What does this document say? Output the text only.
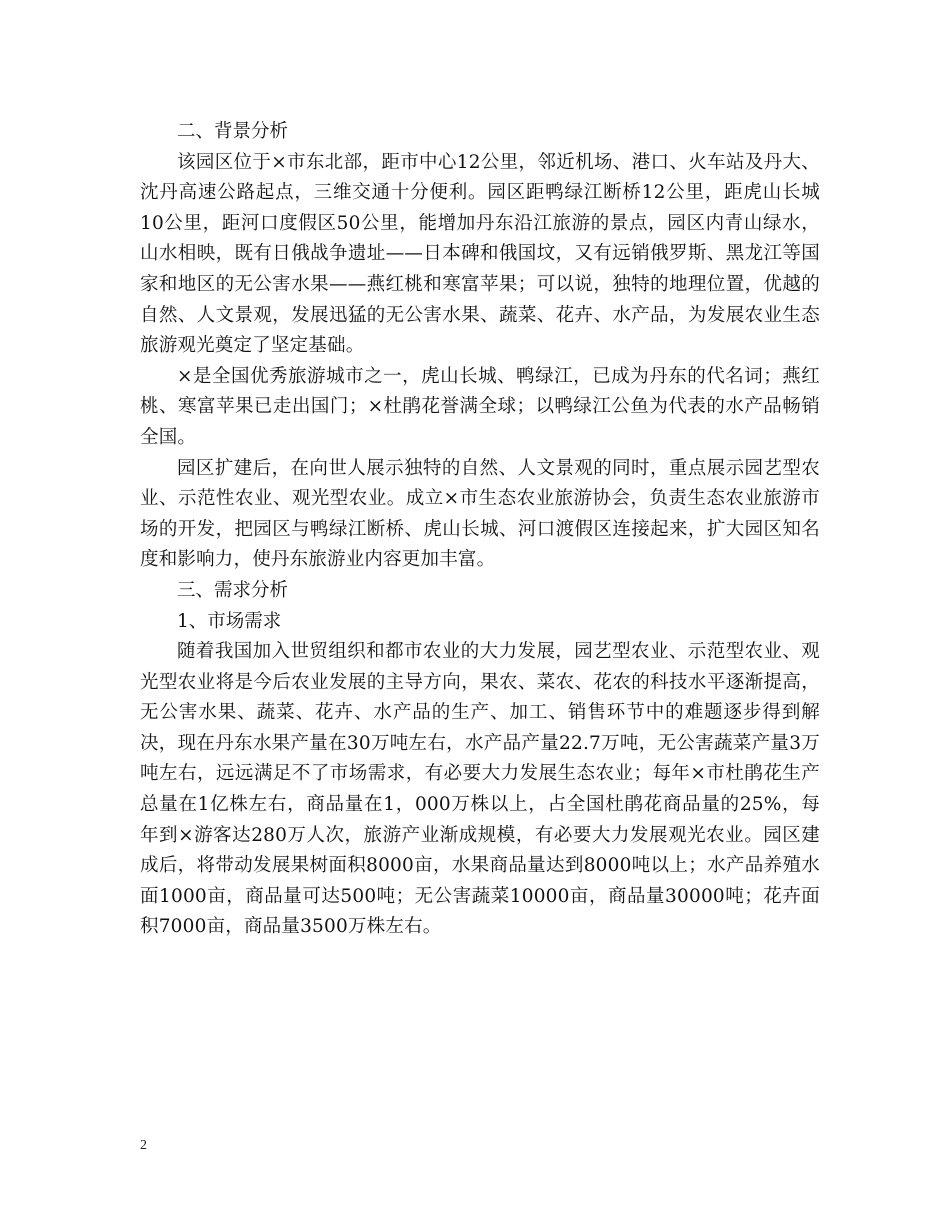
二、背景分析

该园区位于×市东北部，距市中心12公里，邻近机场、港口、火车站及丹大、沈丹高速公路起点，三维交通十分便利。园区距鸭绿江断桥12公里，距虎山长城10公里，距河口度假区50公里，能增加丹东沿江旅游的景点，园区内青山绿水，山水相映，既有日俄战争遗址——日本碑和俄国坟，又有远销俄罗斯、黑龙江等国家和地区的无公害水果——燕红桃和寒富苹果；可以说，独特的地理位置，优越的自然、人文景观，发展迅猛的无公害水果、蔬菜、花卉、水产品，为发展农业生态旅游观光奠定了坚定基础。

×是全国优秀旅游城市之一，虎山长城、鸭绿江，已成为丹东的代名词；燕红桃、寒富苹果已走出国门；×杜鹃花誉满全球；以鸭绿江公鱼为代表的水产品畅销全国。

园区扩建后，在向世人展示独特的自然、人文景观的同时，重点展示园艺型农业、示范性农业、观光型农业。成立×市生态农业旅游协会，负责生态农业旅游市场的开发，把园区与鸭绿江断桥、虎山长城、河口渡假区连接起来，扩大园区知名度和影响力，使丹东旅游业内容更加丰富。

三、需求分析

1、市场需求

随着我国加入世贸组织和都市农业的大力发展，园艺型农业、示范型农业、观光型农业将是今后农业发展的主导方向，果农、菜农、花农的科技水平逐渐提高，无公害水果、蔬菜、花卉、水产品的生产、加工、销售环节中的难题逐步得到解决，现在丹东水果产量在30万吨左右，水产品产量22.7万吨，无公害蔬菜产量3万吨左右，远远满足不了市场需求，有必要大力发展生态农业；每年×市杜鹃花生产总量在1亿株左右，商品量在1，000万株以上，占全国杜鹃花商品量的25%，每年到×游客达280万人次，旅游产业渐成规模，有必要大力发展观光农业。园区建成后，将带动发展果树面积8000亩，水果商品量达到8000吨以上；水产品养殖水面1000亩，商品量可达500吨；无公害蔬菜10000亩，商品量30000吨；花卉面积7000亩，商品量3500万株左右。

2
